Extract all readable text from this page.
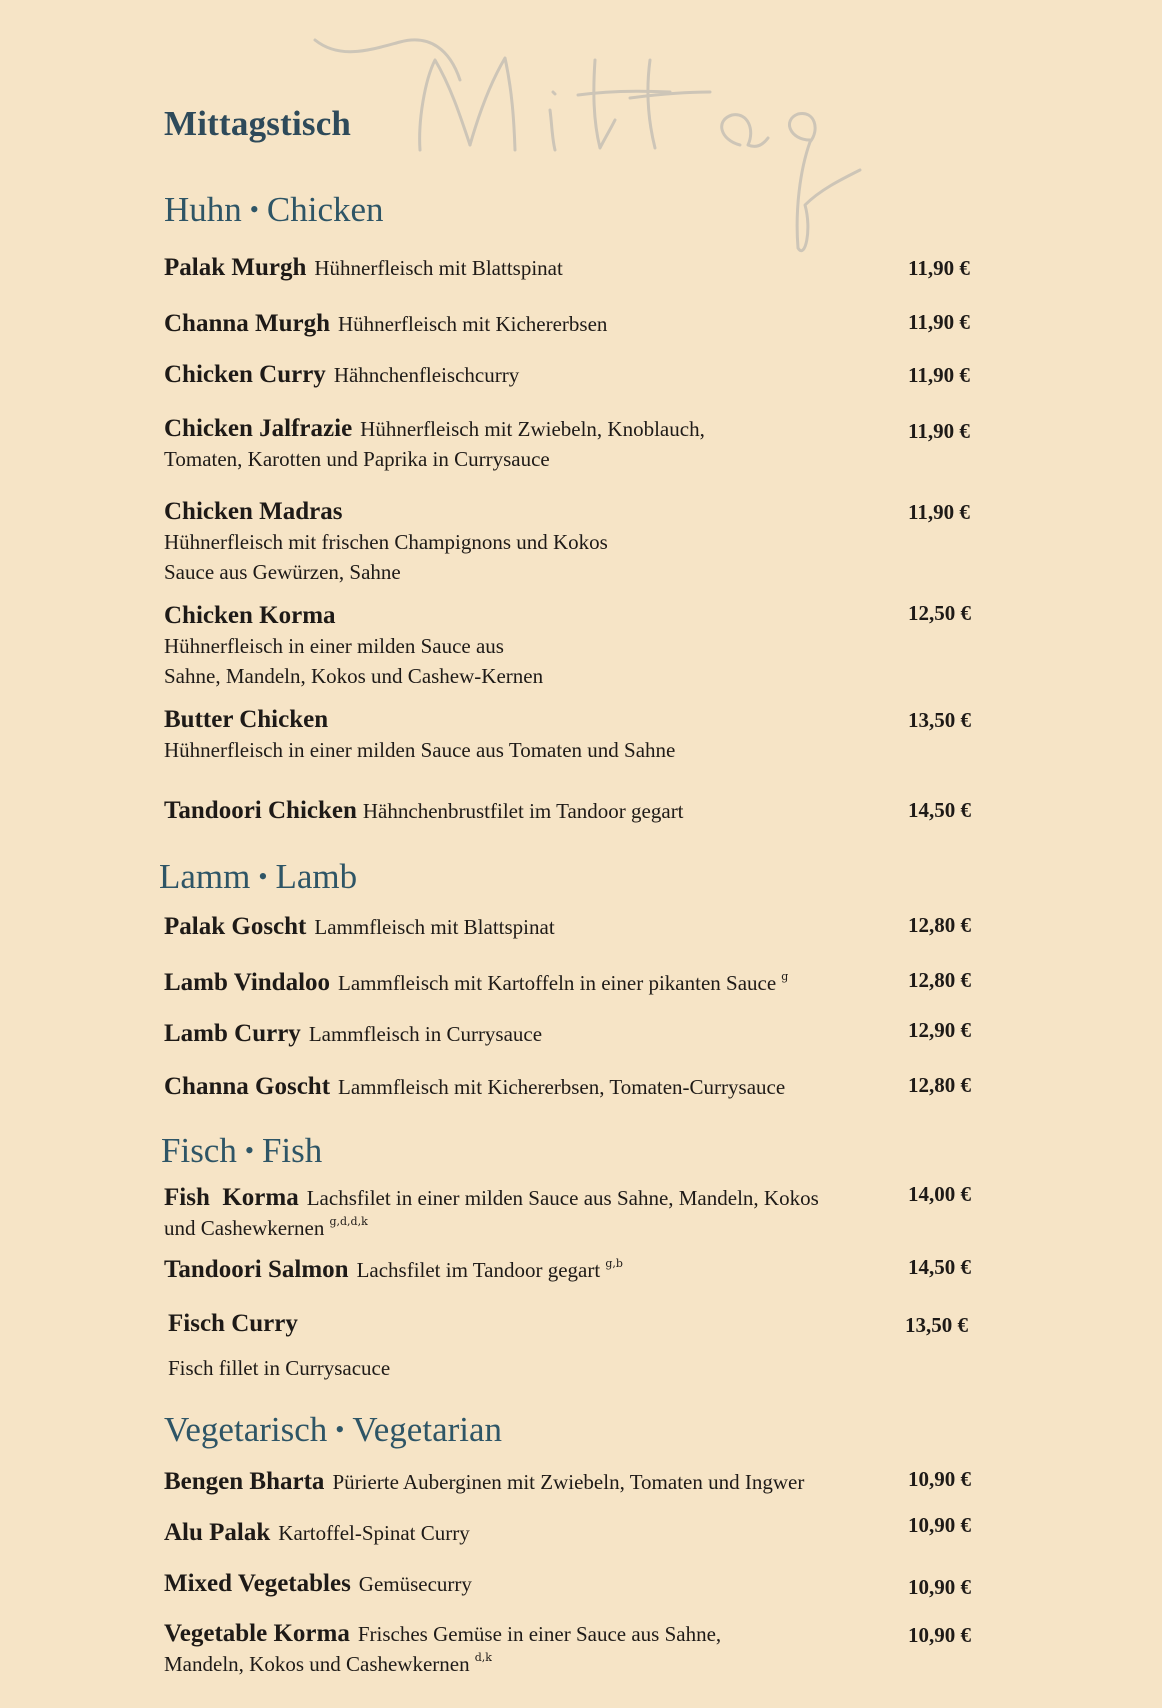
Mittagstisch
Huhn • Chicken
Palak Murgh Hühnerfleisch mit Blattspinat	11,90 €
Channa Murgh Hühnerfleisch mit Kichererbsen	11,90 €
Chicken Curry Hähnchenfleischcurry	11,90 €
Chicken Jalfrazie Hühnerfleisch mit Zwiebeln, Knoblauch,
Tomaten, Karotten und Paprika in Currysauce
11,90 €
Chicken Madras
Hühnerfleisch mit frischen Champignons und Kokos
Sauce aus Gewürzen, Sahne
11,90 €
Chicken Korma
Hühnerfleisch in einer milden Sauce aus
Sahne, Mandeln, Kokos und Cashew-Kernen
12,50 €
Butter Chicken
Hühnerfleisch in einer milden Sauce aus Tomaten und Sahne
13,50 €
Tandoori Chicken Hähnchenbrustfilet im Tandoor gegart	14,50 €
Lamm • Lamb
Palak Goscht Lammfleisch mit Blattspinat	12,80 €
Lamb Vindaloo Lammfleisch mit Kartoffeln in einer pikanten Sauce $^g$	12,80 €
Lamb Curry Lammfleisch in Currysauce	12,90 €
Channa Goscht Lammfleisch mit Kichererbsen, Tomaten-Currysauce	12,80 €
Fisch • Fish
Fish  Korma Lachsfilet in einer milden Sauce aus Sahne, Mandeln, Kokos
und Cashewkernen $^{g,d,d,k}$
14,00 €
Tandoori Salmon Lachsfilet im Tandoor gegart $^{g,b}$	14,50 €
Fisch Curry
Fisch fillet in Currysacuce
13,50 €
Vegetarisch • Vegetarian
Bengen Bharta Pürierte Auberginen mit Zwiebeln, Tomaten und Ingwer	10,90 €
Alu Palak Kartoffel-Spinat Curry	10,90 €
Mixed Vegetables Gemüsecurry	10,90 €
Vegetable Korma Frisches Gemüse in einer Sauce aus Sahne,
Mandeln, Kokos und Cashewkernen $^{d,k}$
10,90 €
